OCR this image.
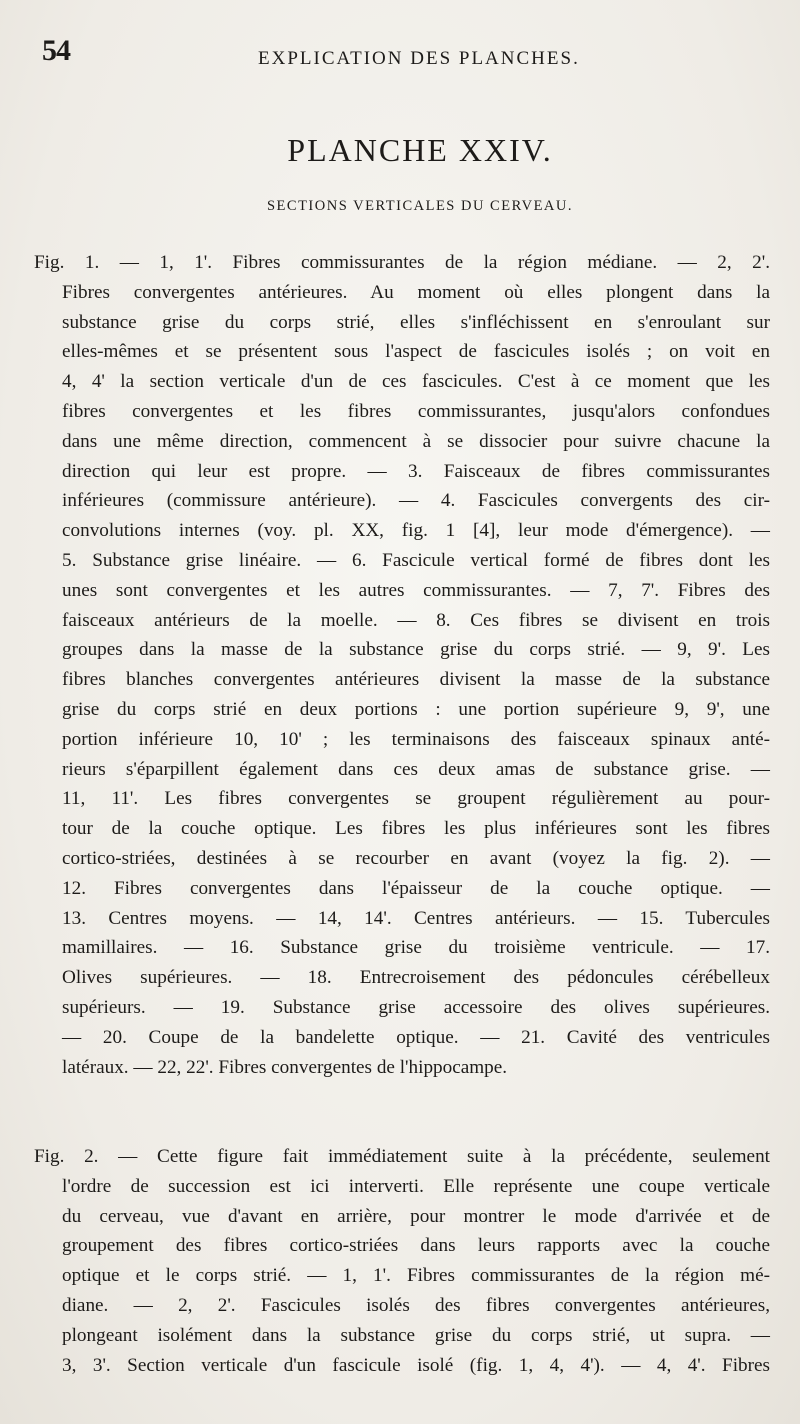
54	EXPLICATION DES PLANCHES.
PLANCHE XXIV.
SECTIONS VERTICALES DU CERVEAU.
Fig. 1. — 1, 1'. Fibres commissurantes de la région médiane. — 2, 2'.
Fibres convergentes antérieures. Au moment où elles plongent dans la
substance grise du corps strié, elles s'infléchissent en s'enroulant sur
elles-mêmes et se présentent sous l'aspect de fascicules isolés ; on voit en
4, 4' la section verticale d'un de ces fascicules. C'est à ce moment que les
fibres convergentes et les fibres commissurantes, jusqu'alors confondues
dans une même direction, commencent à se dissocier pour suivre chacune la
direction qui leur est propre. — 3. Faisceaux de fibres commissurantes
inférieures (commissure antérieure). — 4. Fascicules convergents des cir-
convolutions internes (voy. pl. XX, fig. 1 [4], leur mode d'émergence). —
5. Substance grise linéaire. — 6. Fascicule vertical formé de fibres dont les
unes sont convergentes et les autres commissurantes. — 7, 7'. Fibres des
faisceaux antérieurs de la moelle. — 8. Ces fibres se divisent en trois
groupes dans la masse de la substance grise du corps strié. — 9, 9'. Les
fibres blanches convergentes antérieures divisent la masse de la substance
grise du corps strié en deux portions : une portion supérieure 9, 9', une
portion inférieure 10, 10' ; les terminaisons des faisceaux spinaux anté-
rieurs s'éparpillent également dans ces deux amas de substance grise. —
11, 11'. Les fibres convergentes se groupent régulièrement au pour-
tour de la couche optique. Les fibres les plus inférieures sont les fibres
cortico-striées, destinées à se recourber en avant (voyez la fig. 2). —
12. Fibres convergentes dans l'épaisseur de la couche optique. —
13. Centres moyens. — 14, 14'. Centres antérieurs. — 15. Tubercules
mamillaires. — 16. Substance grise du troisième ventricule. — 17.
Olives supérieures. — 18. Entrecroisement des pédoncules cérébelleux
supérieurs. — 19. Substance grise accessoire des olives supérieures.
— 20. Coupe de la bandelette optique. — 21. Cavité des ventricules
latéraux. — 22, 22'. Fibres convergentes de l'hippocampe.
Fig. 2. — Cette figure fait immédiatement suite à la précédente, seulement
l'ordre de succession est ici interverti. Elle représente une coupe verticale
du cerveau, vue d'avant en arrière, pour montrer le mode d'arrivée et de
groupement des fibres cortico-striées dans leurs rapports avec la couche
optique et le corps strié. — 1, 1'. Fibres commissurantes de la région mé-
diane. — 2, 2'. Fascicules isolés des fibres convergentes antérieures,
plongeant isolément dans la substance grise du corps strié, ut supra. —
3, 3'. Section verticale d'un fascicule isolé (fig. 1, 4, 4'). — 4, 4'. Fibres
